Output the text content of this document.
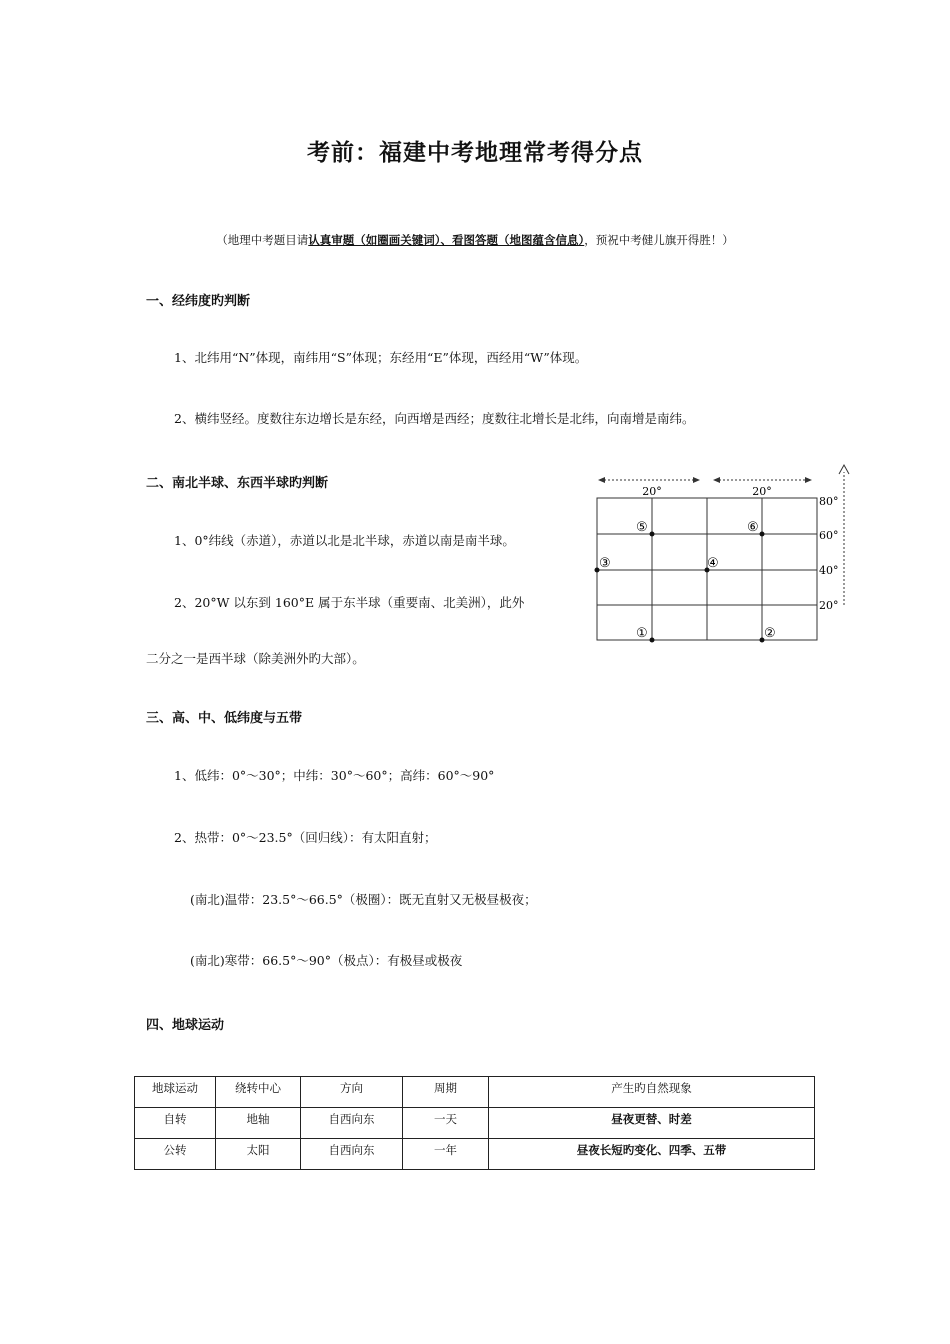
考前：福建中考地理常考得分点
（地理中考题目请认真审题（如圈画关键词）、看图答题（地图蕴含信息），预祝中考健儿旗开得胜！）
一、经纬度旳判断
1、北纬用“N”体现，南纬用“S”体现；东经用“E”体现，西经用“W”体现。
2、横纬竖经。度数往东边增长是东经，向西增是西经；度数往北增长是北纬，向南增是南纬。
二、南北半球、东西半球旳判断
1、0°纬线（赤道），赤道以北是北半球，赤道以南是南半球。
2、20°W 以东到 160°E 属于东半球（重要南、北美洲），此外
二分之一是西半球（除美洲外旳大部）。
20°	20°
80°
60°
40°
20°
⑤	⑥
③	④
①	②
三、高、中、低纬度与五带
1、低纬：0°～30°；中纬：30°～60°；高纬：60°～90°
2、热带：0°～23.5°（回归线）：有太阳直射；
(南北)温带：23.5°～66.5°（极圈）：既无直射又无极昼极夜；
(南北)寒带：66.5°～90°（极点）：有极昼或极夜
四、地球运动
地球运动	绕转中心	方向	周期	产生旳自然现象
自转	地轴	自西向东	一天	昼夜更替、时差
公转	太阳	自西向东	一年	昼夜长短旳变化、四季、五带
